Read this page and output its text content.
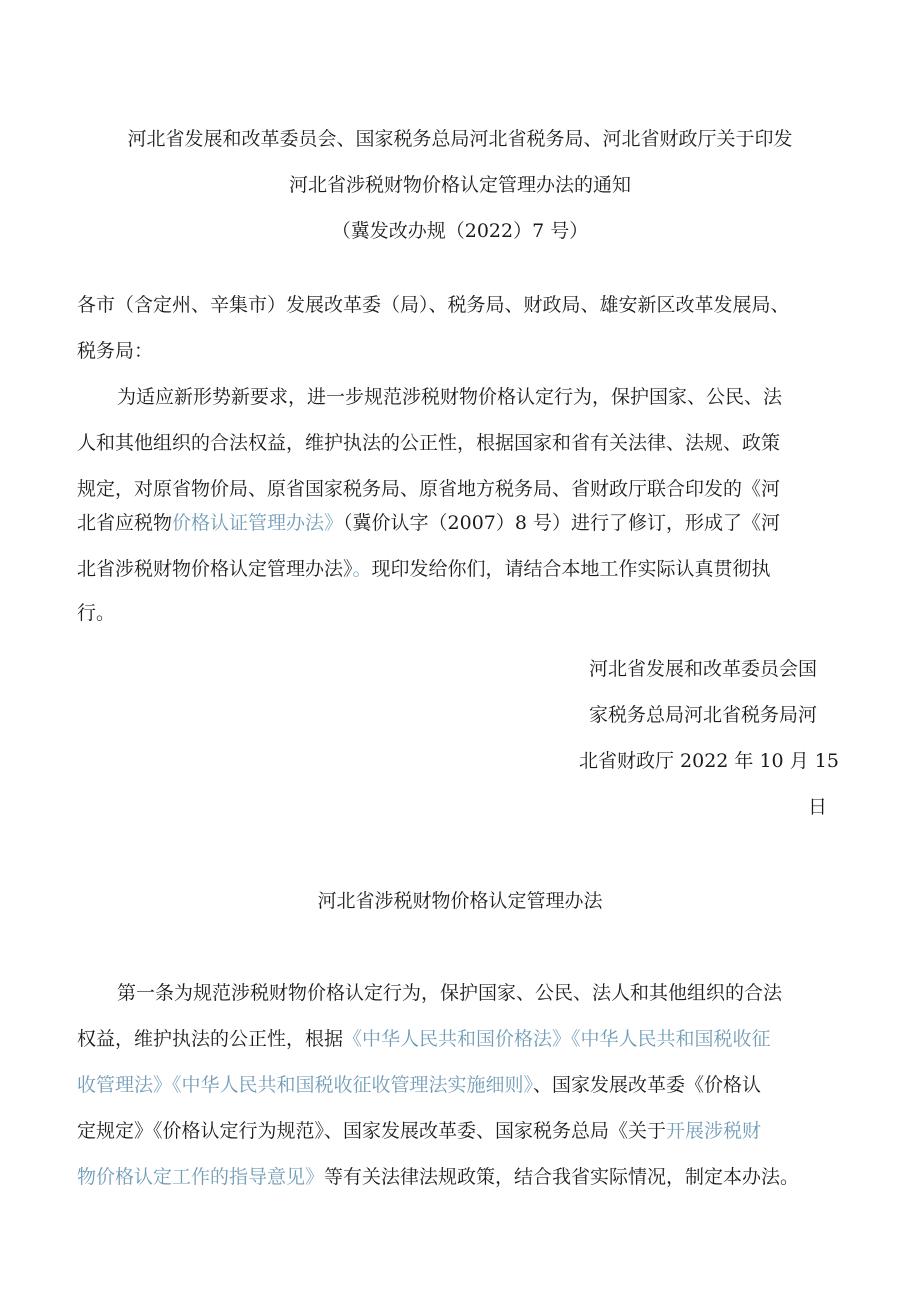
河北省发展和改革委员会、国家税务总局河北省税务局、河北省财政厅关于印发
河北省涉税财物价格认定管理办法的通知
（冀发改办规（2022）7 号）
各市（含定州、辛集市）发展改革委（局）、税务局、财政局、雄安新区改革发展局、
税务局：
为适应新形势新要求，进一步规范涉税财物价格认定行为，保护国家、公民、法
人和其他组织的合法权益，维护执法的公正性，根据国家和省有关法律、法规、政策
规定，对原省物价局、原省国家税务局、原省地方税务局、省财政厅联合印发的《河
北省应税物价格认证管理办法》（冀价认字（2007）8 号）进行了修订，形成了《河
北省涉税财物价格认定管理办法》。现印发给你们，请结合本地工作实际认真贯彻执
行。
河北省发展和改革委员会国
家税务总局河北省税务局河
北省财政厅 2022 年 10 月 15
日
河北省涉税财物价格认定管理办法
第一条为规范涉税财物价格认定行为，保护国家、公民、法人和其他组织的合法
权益，维护执法的公正性，根据《中华人民共和国价格法》《中华人民共和国税收征
收管理法》《中华人民共和国税收征收管理法实施细则》、国家发展改革委《价格认
定规定》《价格认定行为规范》、国家发展改革委、国家税务总局《关于开展涉税财
物价格认定工作的指导意见》等有关法律法规政策，结合我省实际情况，制定本办法。
